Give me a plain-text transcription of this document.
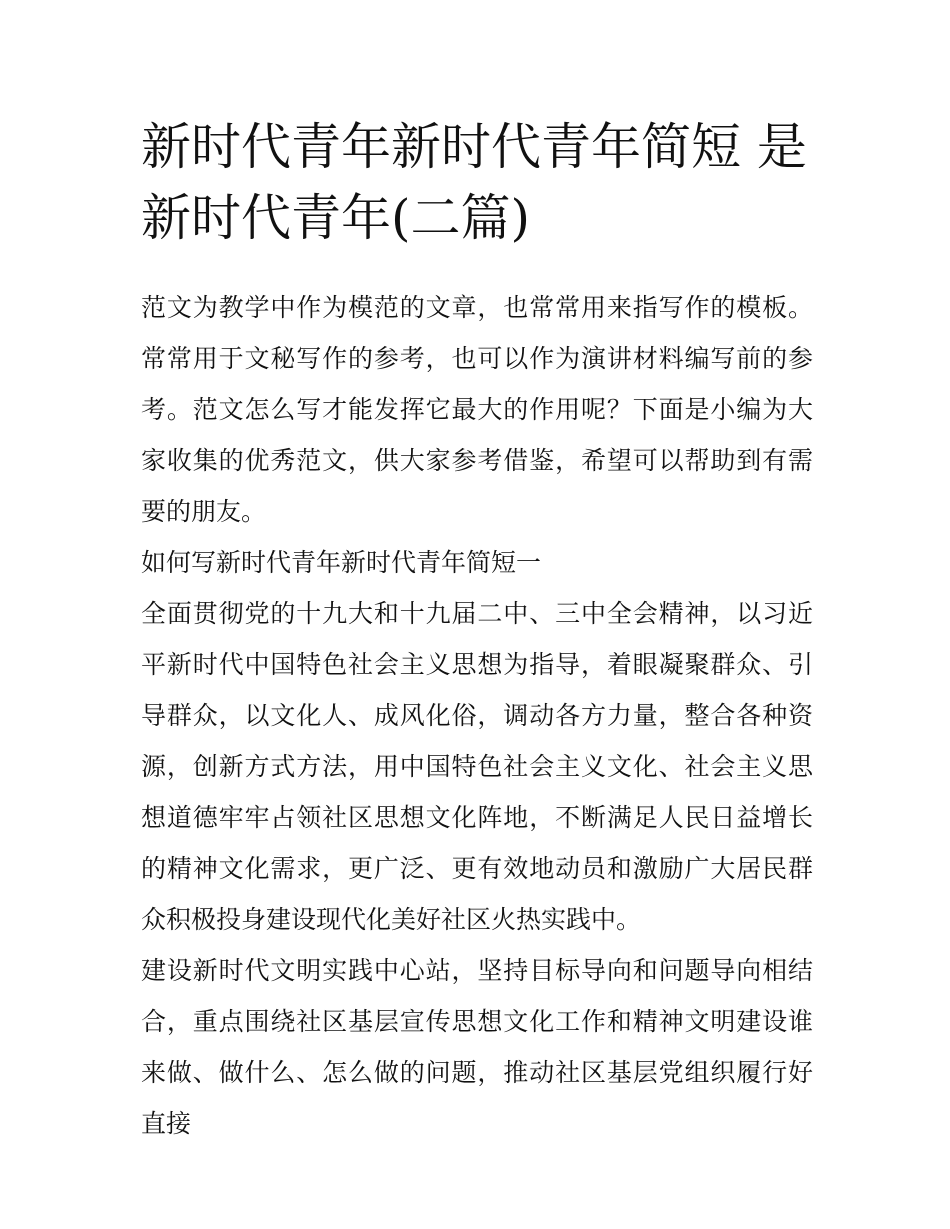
新时代青年新时代青年简短 是新时代青年(二篇)

范文为教学中作为模范的文章，也常常用来指写作的模板。常常用于文秘写作的参考，也可以作为演讲材料编写前的参考。范文怎么写才能发挥它最大的作用呢？下面是小编为大家收集的优秀范文，供大家参考借鉴，希望可以帮助到有需要的朋友。

如何写新时代青年新时代青年简短一

全面贯彻党的十九大和十九届二中、三中全会精神，以习近平新时代中国特色社会主义思想为指导，着眼凝聚群众、引导群众，以文化人、成风化俗，调动各方力量，整合各种资源，创新方式方法，用中国特色社会主义文化、社会主义思想道德牢牢占领社区思想文化阵地，不断满足人民日益增长的精神文化需求，更广泛、更有效地动员和激励广大居民群众积极投身建设现代化美好社区火热实践中。

建设新时代文明实践中心站，坚持目标导向和问题导向相结合，重点围绕社区基层宣传思想文化工作和精神文明建设谁来做、做什么、怎么做的问题，推动社区基层党组织履行好直接
